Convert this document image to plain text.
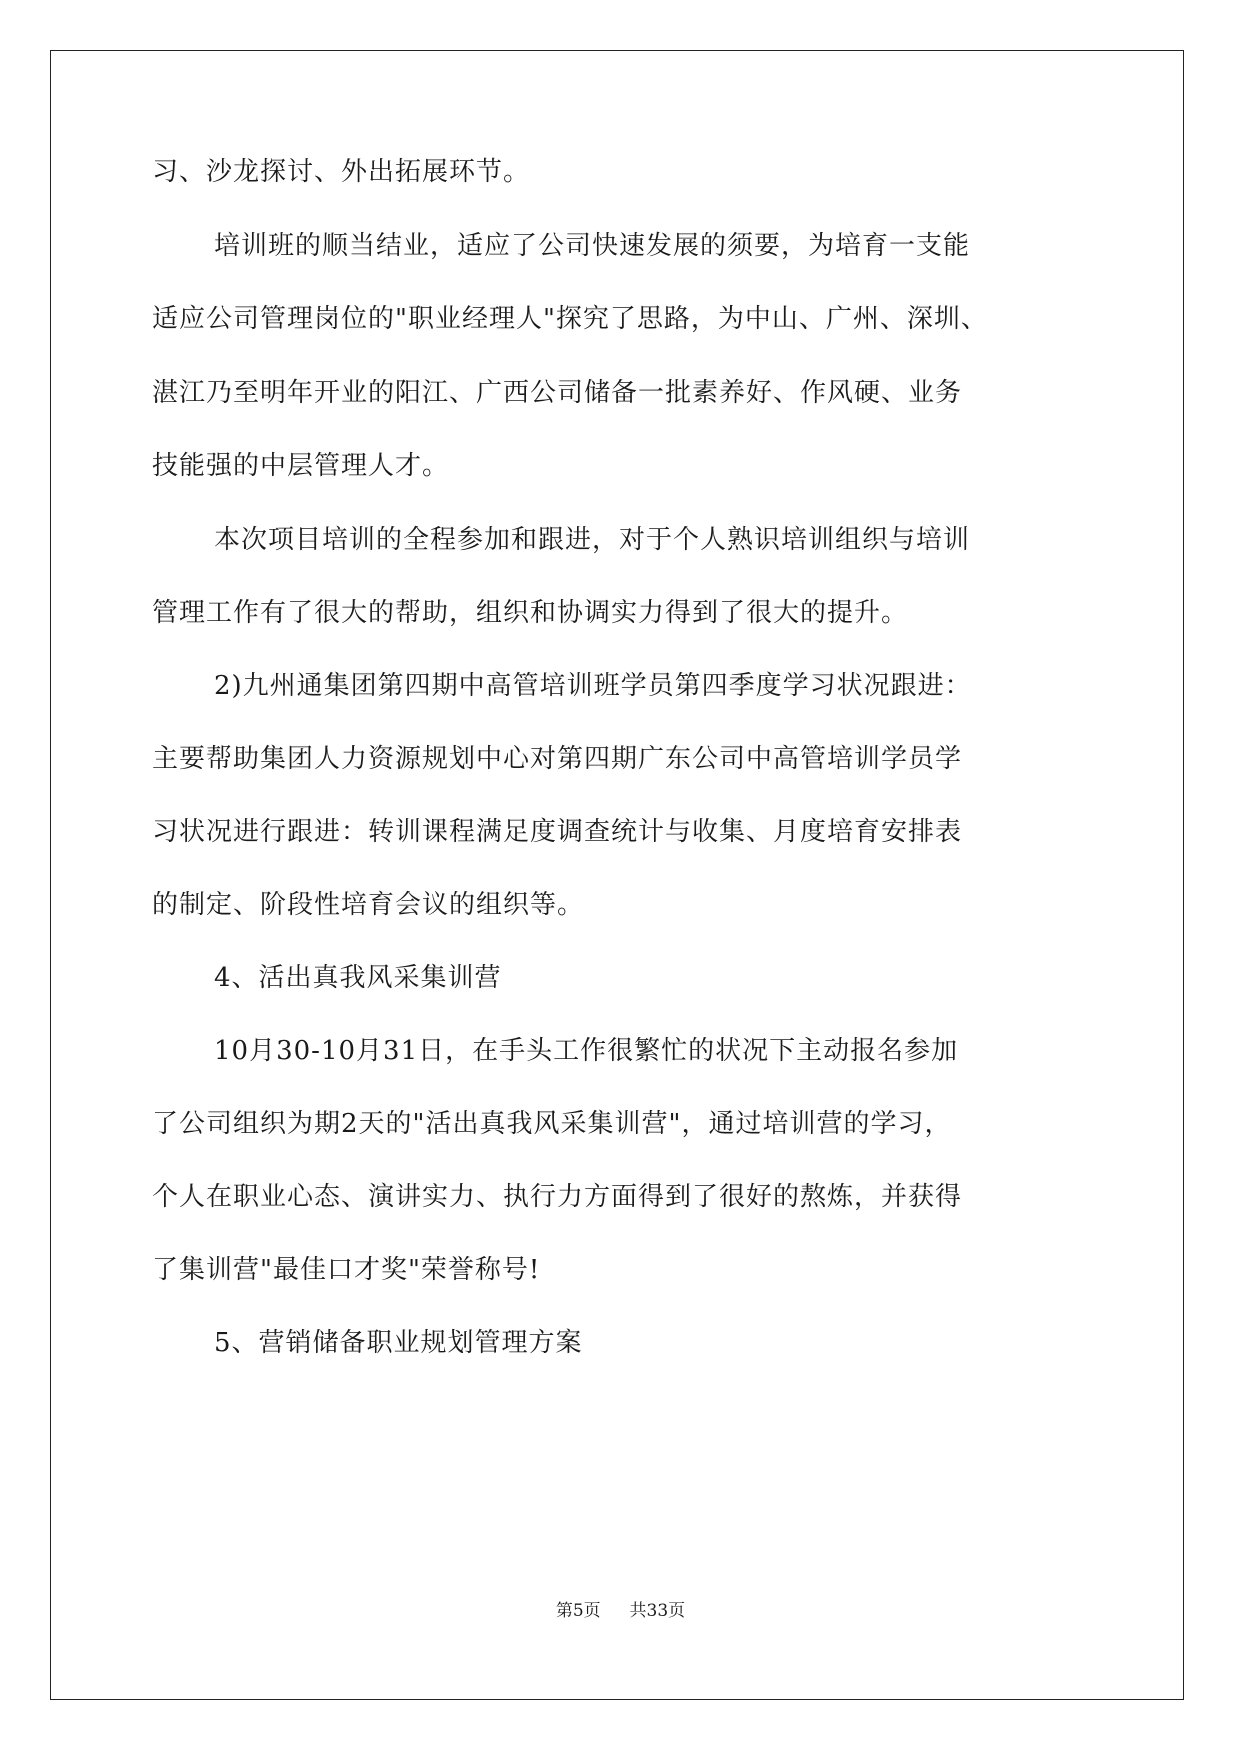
习、沙龙探讨、外出拓展环节。
培训班的顺当结业，适应了公司快速发展的须要，为培育一支能
适应公司管理岗位的"职业经理人"探究了思路，为中山、广州、深圳、
湛江乃至明年开业的阳江、广西公司储备一批素养好、作风硬、业务
技能强的中层管理人才。
本次项目培训的全程参加和跟进，对于个人熟识培训组织与培训
管理工作有了很大的帮助，组织和协调实力得到了很大的提升。
2)九州通集团第四期中高管培训班学员第四季度学习状况跟进：
主要帮助集团人力资源规划中心对第四期广东公司中高管培训学员学
习状况进行跟进：转训课程满足度调查统计与收集、月度培育安排表
的制定、阶段性培育会议的组织等。
4、活出真我风采集训营
10月30-10月31日，在手头工作很繁忙的状况下主动报名参加
了公司组织为期2天的"活出真我风采集训营"，通过培训营的学习，
个人在职业心态、演讲实力、执行力方面得到了很好的熬炼，并获得
了集训营"最佳口才奖"荣誉称号!
5、营销储备职业规划管理方案
第5页 共33页
